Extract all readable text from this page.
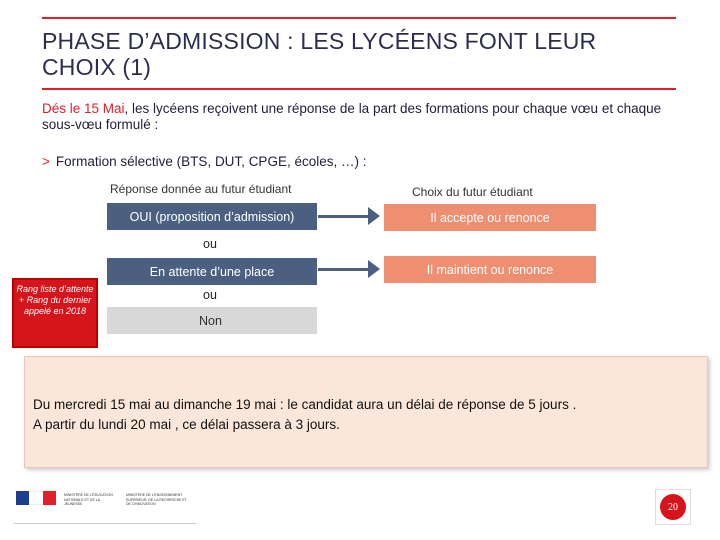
PHASE D’ADMISSION : LES LYCÉENS FONT LEUR CHOIX (1)
Dés le 15 Mai, les lycéens reçoivent une réponse de la part des formations pour chaque vœu et chaque sous-vœu formulé :
> Formation sélective (BTS, DUT, CPGE, écoles, …) :
Réponse donnée au futur étudiant	Choix du futur étudiant
OUI (proposition d’admission)	Il accepte ou renonce
ou
En attente d’une place	Il maintient ou renonce
ou
Non
Rang liste d’attente + Rang du dernier appelé en 2018
Du mercredi 15 mai au dimanche 19 mai : le candidat aura un délai de réponse de 5 jours .
A partir du lundi 20 mai , ce délai passera à 3 jours.
MINISTÈRE DE L’ÉDUCATION NATIONALE ET DE LA JEUNESSE
MINISTÈRE DE L’ENSEIGNEMENT SUPÉRIEUR, DE LA RECHERCHE ET DE L’INNOVATION	20
